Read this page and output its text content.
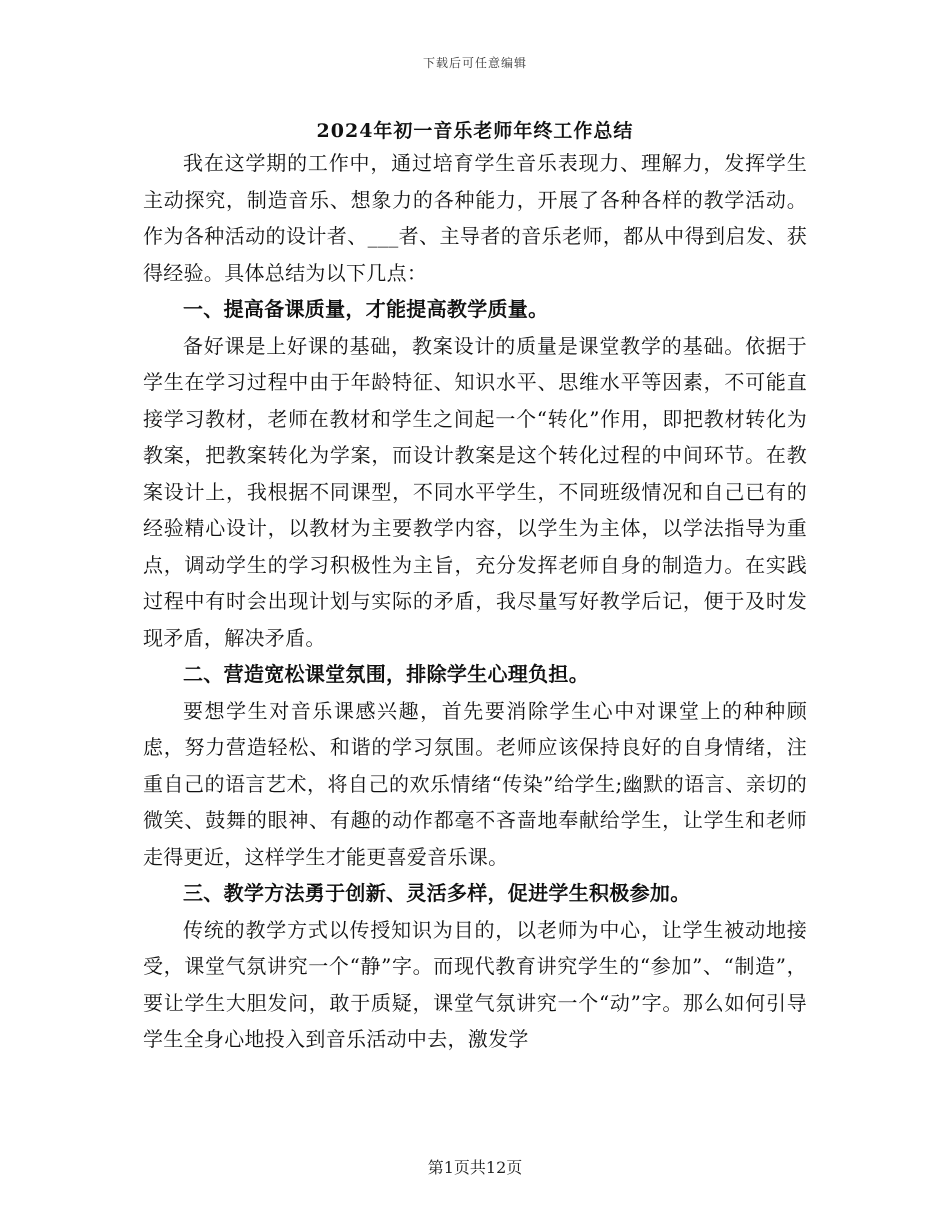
下载后可任意编辑
2024年初一音乐老师年终工作总结

我在这学期的工作中，通过培育学生音乐表现力、理解力，发挥学生主动探究，制造音乐、想象力的各种能力，开展了各种各样的教学活动。作为各种活动的设计者、___者、主导者的音乐老师，都从中得到启发、获得经验。具体总结为以下几点：

一、提高备课质量，才能提高教学质量。

备好课是上好课的基础，教案设计的质量是课堂教学的基础。依据于学生在学习过程中由于年龄特征、知识水平、思维水平等因素，不可能直接学习教材，老师在教材和学生之间起一个“转化”作用，即把教材转化为教案，把教案转化为学案，而设计教案是这个转化过程的中间环节。在教案设计上，我根据不同课型，不同水平学生，不同班级情况和自己已有的经验精心设计，以教材为主要教学内容，以学生为主体，以学法指导为重点，调动学生的学习积极性为主旨，充分发挥老师自身的制造力。在实践过程中有时会出现计划与实际的矛盾，我尽量写好教学后记，便于及时发现矛盾，解决矛盾。

二、营造宽松课堂氛围，排除学生心理负担。

要想学生对音乐课感兴趣，首先要消除学生心中对课堂上的种种顾虑，努力营造轻松、和谐的学习氛围。老师应该保持良好的自身情绪，注重自己的语言艺术，将自己的欢乐情绪“传染”给学生;幽默的语言、亲切的微笑、鼓舞的眼神、有趣的动作都毫不吝啬地奉献给学生，让学生和老师走得更近，这样学生才能更喜爱音乐课。

三、教学方法勇于创新、灵活多样，促进学生积极参加。

传统的教学方式以传授知识为目的，以老师为中心，让学生被动地接受，课堂气氛讲究一个“静”字。而现代教育讲究学生的“参加”、“制造”，要让学生大胆发问，敢于质疑，课堂气氛讲究一个“动”字。那么如何引导学生全身心地投入到音乐活动中去，激发学

第1页共12页
